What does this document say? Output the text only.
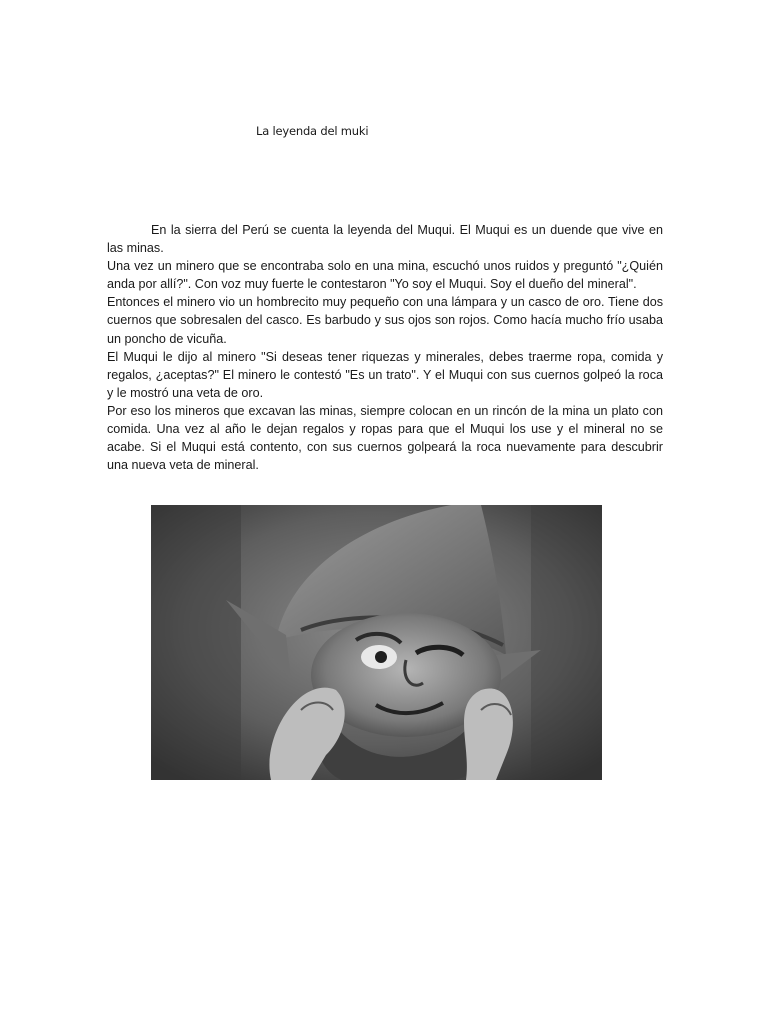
La leyenda del muki

En la sierra del Perú se cuenta la leyenda del Muqui. El Muqui es un duende que vive en las minas.

Una vez un minero que se encontraba solo en una mina, escuchó unos ruidos y preguntó "¿Quién anda por allí?". Con voz muy fuerte le contestaron "Yo soy el Muqui. Soy el dueño del mineral".

Entonces el minero vio un hombrecito muy pequeño con una lámpara y un casco de oro. Tiene dos cuernos que sobresalen del casco. Es barbudo y sus ojos son rojos. Como hacía mucho frío usaba un poncho de vicuña.

El Muqui le dijo al minero "Si deseas tener riquezas y minerales, debes traerme ropa, comida y regalos, ¿aceptas?" El minero le contestó "Es un trato". Y el Muqui con sus cuernos golpeó la roca y le mostró una veta de oro.

Por eso los mineros que excavan las minas, siempre colocan en un rincón de la mina un plato con comida. Una vez al año le dejan regalos y ropas para que el Muqui los use y el mineral no se acabe. Si el Muqui está contento, con sus cuernos golpeará la roca nuevamente para descubrir una nueva veta de mineral.
